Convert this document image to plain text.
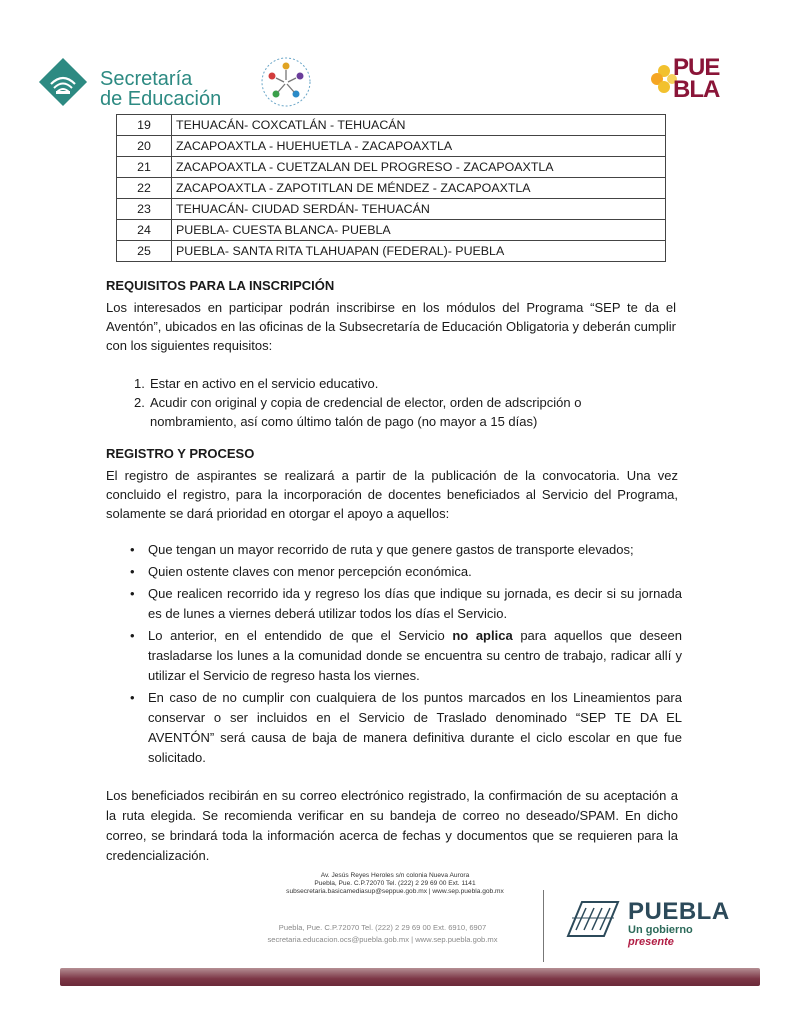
Secretaría
de Educación
PUE
BLA
19	TEHUACÁN- COXCATLÁN - TEHUACÁN
20	ZACAPOAXTLA - HUEHUETLA - ZACAPOAXTLA
21	ZACAPOAXTLA - CUETZALAN DEL PROGRESO - ZACAPOAXTLA
22	ZACAPOAXTLA - ZAPOTITLAN DE MÉNDEZ - ZACAPOAXTLA
23	TEHUACÁN- CIUDAD SERDÁN- TEHUACÁN
24	PUEBLA- CUESTA BLANCA- PUEBLA
25	PUEBLA- SANTA RITA TLAHUAPAN (FEDERAL)- PUEBLA
REQUISITOS PARA LA INSCRIPCIÓN
Los interesados en participar podrán inscribirse en los módulos del Programa “SEP te da el Aventón”, ubicados en las oficinas de la Subsecretaría de Educación Obligatoria y deberán cumplir con los siguientes requisitos:
1. Estar en activo en el servicio educativo.
2. Acudir con original y copia de credencial de elector, orden de adscripción o nombramiento, así como último talón de pago (no mayor a 15 días)
REGISTRO Y PROCESO
El registro de aspirantes se realizará a partir de la publicación de la convocatoria. Una vez concluido el registro, para la incorporación de docentes beneficiados al Servicio del Programa, solamente se dará prioridad en otorgar el apoyo a aquellos:
• Que tengan un mayor recorrido de ruta y que genere gastos de transporte elevados;
• Quien ostente claves con menor percepción económica.
• Que realicen recorrido ida y regreso los días que indique su jornada, es decir si su jornada es de lunes a viernes deberá utilizar todos los días el Servicio.
• Lo anterior, en el entendido de que el Servicio no aplica para aquellos que deseen trasladarse los lunes a la comunidad donde se encuentra su centro de trabajo, radicar allí y utilizar el Servicio de regreso hasta los viernes.
• En caso de no cumplir con cualquiera de los puntos marcados en los Lineamientos para conservar o ser incluidos en el Servicio de Traslado denominado “SEP TE DA EL AVENTÓN” será causa de baja de manera definitiva durante el ciclo escolar en que fue solicitado.
Los beneficiados recibirán en su correo electrónico registrado, la confirmación de su aceptación a la ruta elegida. Se recomienda verificar en su bandeja de correo no deseado/SPAM. En dicho correo, se brindará toda la información acerca de fechas y documentos que se requieren para la credencialización.
Av. Jesús Reyes Heroles s/n colonia Nueva Aurora
Puebla, Pue. C.P.72070 Tel. (222) 2 29 69 00 Ext. 1141
subsecretaria.basicamediasup@seppue.gob.mx | www.sep.puebla.gob.mx
Puebla, Pue. C.P.72070 Tel. (222) 2 29 69 00 Ext. 6910, 6907
secretaria.educacion.ocs@puebla.gob.mx | www.sep.puebla.gob.mx
PUEBLA
Un gobierno presente
